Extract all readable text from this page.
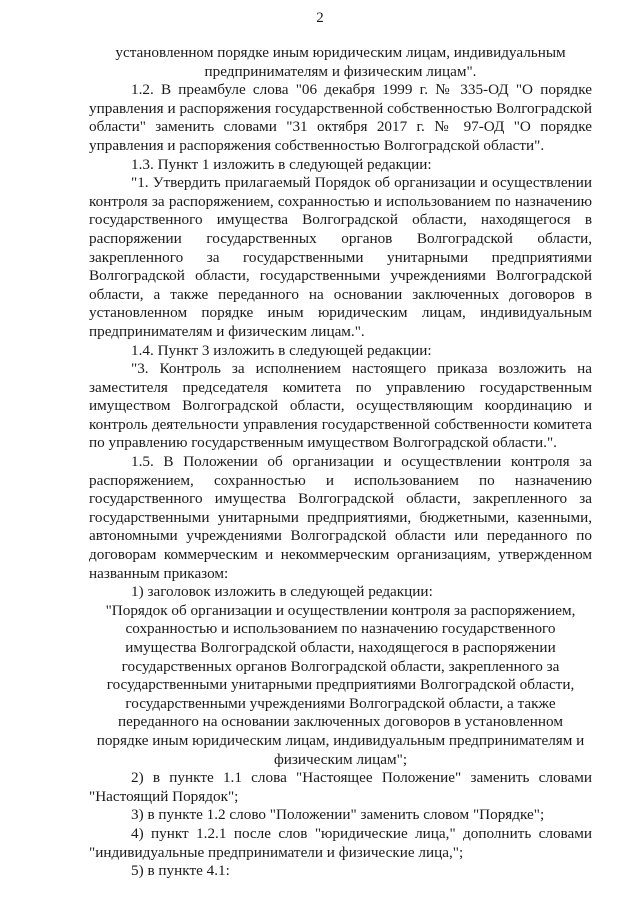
2

установленном порядке иным юридическим лицам, индивидуальным предпринимателям и физическим лицам".

1.2. В преамбуле слова "06 декабря 1999 г. № 335-ОД "О порядке управления и распоряжения государственной собственностью Волгоградской области" заменить словами "31 октября 2017 г. № 97-ОД "О порядке управления и распоряжения собственностью Волгоградской области".

1.3. Пункт 1 изложить в следующей редакции:

"1. Утвердить прилагаемый Порядок об организации и осуществлении контроля за распоряжением, сохранностью и использованием по назначению государственного имущества Волгоградской области, находящегося в распоряжении государственных органов Волгоградской области, закрепленного за государственными унитарными предприятиями Волгоградской области, государственными учреждениями Волгоградской области, а также переданного на основании заключенных договоров в установленном порядке иным юридическим лицам, индивидуальным предпринимателям и физическим лицам.".

1.4. Пункт 3 изложить в следующей редакции:

"3. Контроль за исполнением настоящего приказа возложить на заместителя председателя комитета по управлению государственным имуществом Волгоградской области, осуществляющим координацию и контроль деятельности управления государственной собственности комитета по управлению государственным имуществом Волгоградской области.".

1.5. В Положении об организации и осуществлении контроля за распоряжением, сохранностью и использованием по назначению государственного имущества Волгоградской области, закрепленного за государственными унитарными предприятиями, бюджетными, казенными, автономными учреждениями Волгоградской области или переданного по договорам коммерческим и некоммерческим организациям, утвержденном названным приказом:

1) заголовок изложить в следующей редакции:

"Порядок об организации и осуществлении контроля за распоряжением, сохранностью и использованием по назначению государственного имущества Волгоградской области, находящегося в распоряжении государственных органов Волгоградской области, закрепленного за государственными унитарными предприятиями Волгоградской области, государственными учреждениями Волгоградской области, а также переданного на основании заключенных договоров в установленном порядке иным юридическим лицам, индивидуальным предпринимателям и физическим лицам";

2) в пункте 1.1 слова "Настоящее Положение" заменить словами "Настоящий Порядок";

3) в пункте 1.2 слово "Положении" заменить словом "Порядке";

4) пункт 1.2.1 после слов "юридические лица," дополнить словами "индивидуальные предприниматели и физические лица,";

5) в пункте 4.1:
